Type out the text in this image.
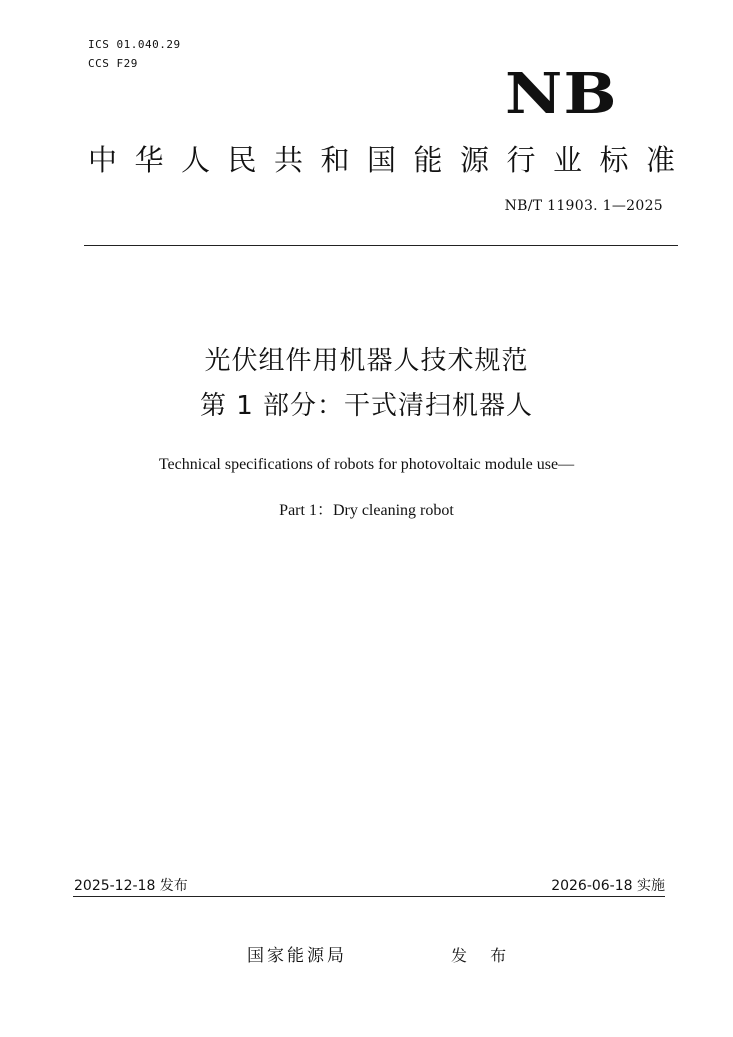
ICS 01.040.29
CCS F29	NB
中华人民共和国能源行业标准
NB/T 11903. 1—2025
光伏组件用机器人技术规范
第 1 部分：干式清扫机器人
Technical specifications of robots for photovoltaic module use—
Part 1：Dry cleaning robot
2025-12-18 发布	2026-06-18 实施
国家能源局	发 布
